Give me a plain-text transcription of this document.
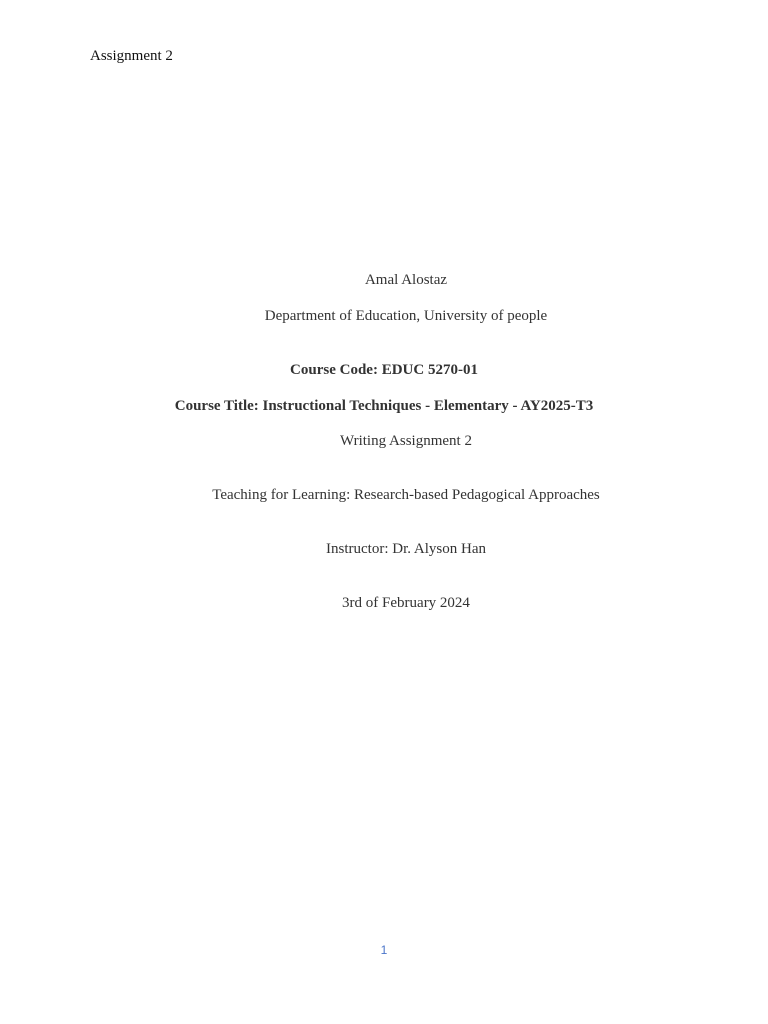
Assignment 2
Amal Alostaz
Department of Education, University of people
Course Code: EDUC 5270-01
Course Title: Instructional Techniques - Elementary - AY2025-T3
Writing Assignment 2
Teaching for Learning: Research-based Pedagogical Approaches
Instructor: Dr. Alyson Han
3rd of February 2024
1
